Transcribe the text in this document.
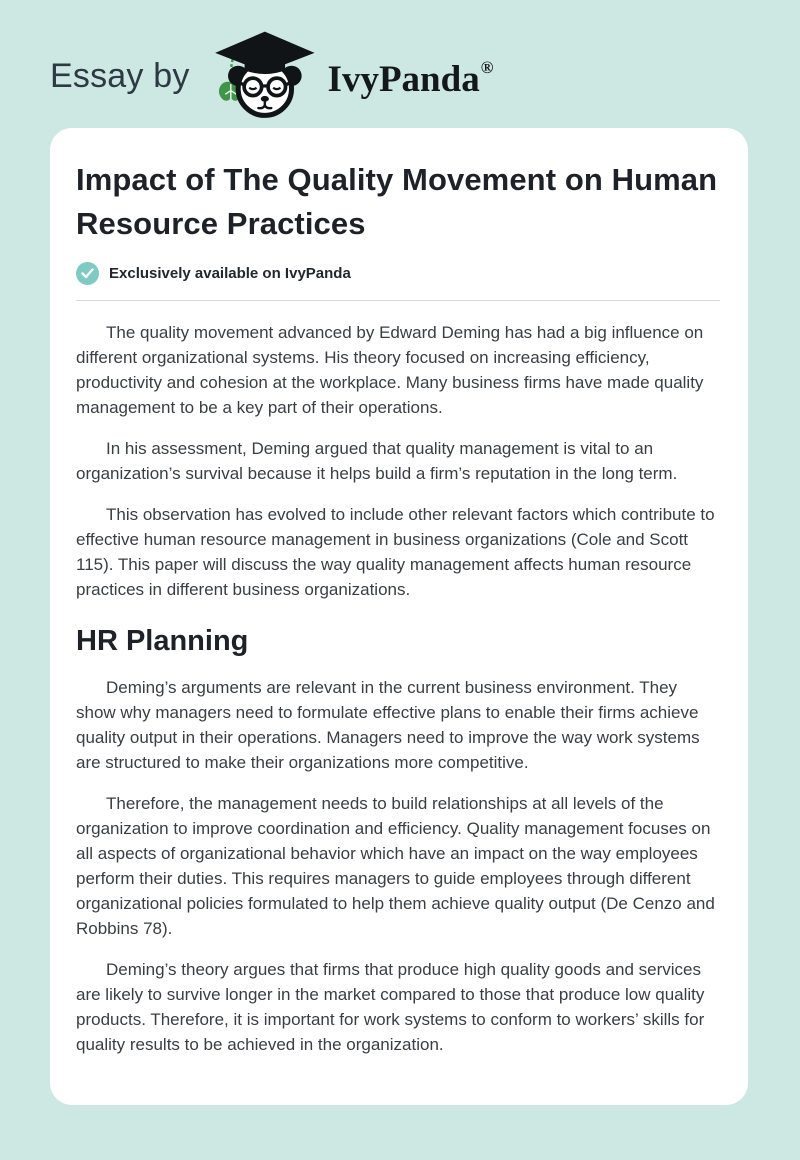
Essay by	IvyPanda ®
Impact of The Quality Movement on Human Resource Practices
Exclusively available on IvyPanda

The quality movement advanced by Edward Deming has had a big influence on different organizational systems. His theory focused on increasing efficiency, productivity and cohesion at the workplace. Many business firms have made quality management to be a key part of their operations.

In his assessment, Deming argued that quality management is vital to an organization’s survival because it helps build a firm’s reputation in the long term.

This observation has evolved to include other relevant factors which contribute to effective human resource management in business organizations (Cole and Scott 115). This paper will discuss the way quality management affects human resource practices in different business organizations.

HR Planning

Deming’s arguments are relevant in the current business environment. They show why managers need to formulate effective plans to enable their firms achieve quality output in their operations. Managers need to improve the way work systems are structured to make their organizations more competitive.

Therefore, the management needs to build relationships at all levels of the organization to improve coordination and efficiency. Quality management focuses on all aspects of organizational behavior which have an impact on the way employees perform their duties. This requires managers to guide employees through different organizational policies formulated to help them achieve quality output (De Cenzo and Robbins 78).

Deming’s theory argues that firms that produce high quality goods and services are likely to survive longer in the market compared to those that produce low quality products. Therefore, it is important for work systems to conform to workers’ skills for quality results to be achieved in the organization.
